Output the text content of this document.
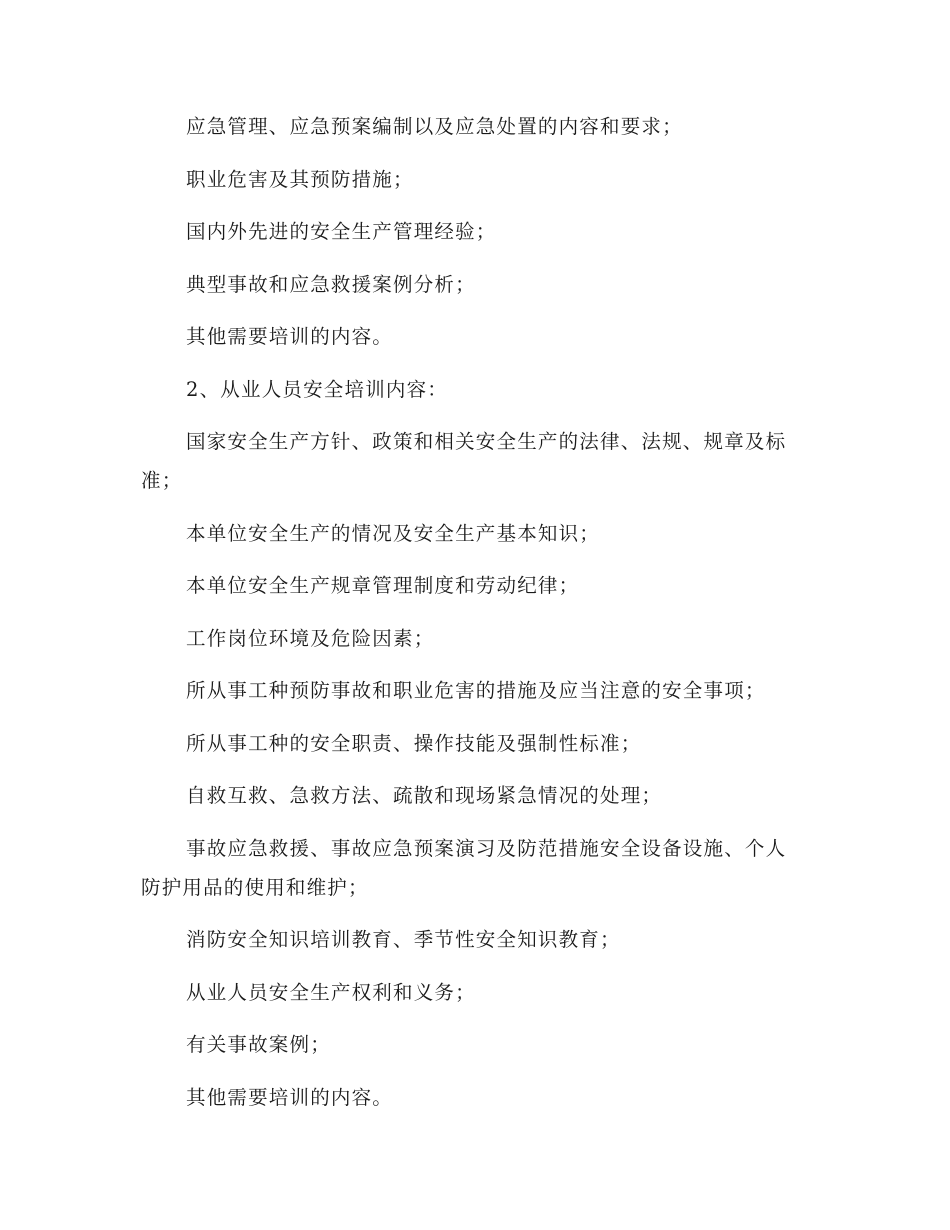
应急管理、应急预案编制以及应急处置的内容和要求；

职业危害及其预防措施；

国内外先进的安全生产管理经验；

典型事故和应急救援案例分析；

其他需要培训的内容。

2、从业人员安全培训内容：

国家安全生产方针、政策和相关安全生产的法律、法规、规章及标准；

本单位安全生产的情况及安全生产基本知识；

本单位安全生产规章管理制度和劳动纪律；

工作岗位环境及危险因素；

所从事工种预防事故和职业危害的措施及应当注意的安全事项；

所从事工种的安全职责、操作技能及强制性标准；

自救互救、急救方法、疏散和现场紧急情况的处理；

事故应急救援、事故应急预案演习及防范措施安全设备设施、个人防护用品的使用和维护；

消防安全知识培训教育、季节性安全知识教育；

从业人员安全生产权利和义务；

有关事故案例；

其他需要培训的内容。
